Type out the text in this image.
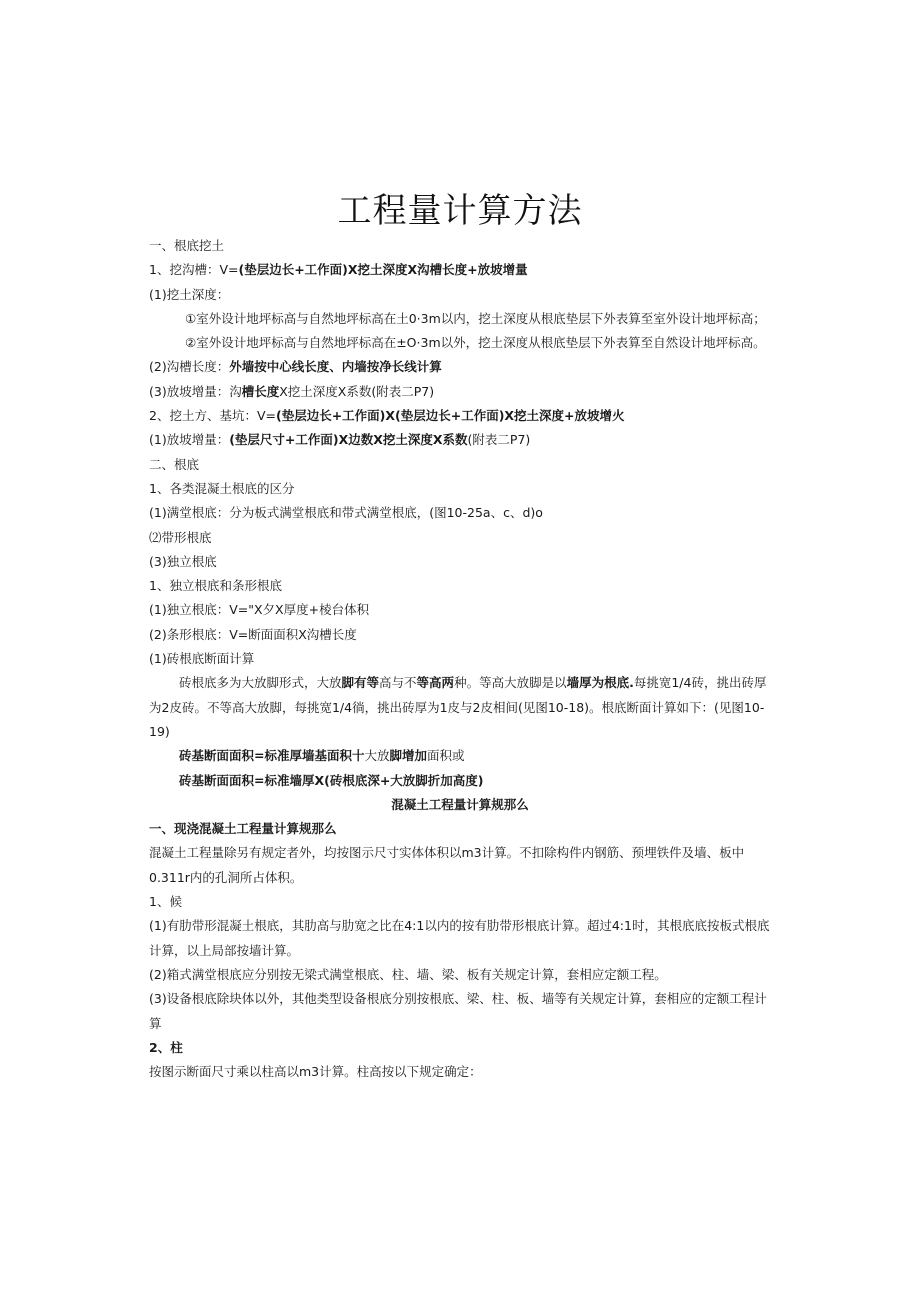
工程量计算方法

一、根底挖土

1、挖沟槽：V=(垫层边长+工作面)X挖土深度X沟槽长度+放坡增量

(1)挖土深度：

①室外设计地坪标高与自然地坪标高在土0·3m以内，挖土深度从根底垫层下外表算至室外设计地坪标高；

②室外设计地坪标高与自然地坪标高在±O·3m以外，挖土深度从根底垫层下外表算至自然设计地坪标高。

(2)沟槽长度：外墙按中心线长度、内墙按净长线计算

(3)放坡增量：沟槽长度X挖土深度X系数(附表二P7)

2、挖土方、基坑：V=(垫层边长+工作面)X(垫层边长+工作面)X挖土深度+放坡增火

(1)放坡增量：(垫层尺寸+工作面)X边数X挖土深度X系数(附表二P7)

二、根底

1、各类混凝土根底的区分

(1)满堂根底：分为板式满堂根底和带式满堂根底，(图10-25a、c、d)o

⑵带形根底

(3)独立根底

1、独立根底和条形根底

(1)独立根底：V="X夕X厚度+棱台体积

(2)条形根底：V=断面面积X沟槽长度

(1)砖根底断面计算

砖根底多为大放脚形式，大放脚有等高与不等高两种。等高大放脚是以墙厚为根底.每挑宽1/4砖，挑出砖厚为2皮砖。不等高大放脚，每挑宽1/4徜，挑出砖厚为1皮与2皮相间(见图10-18)。根底断面计算如下：(见图10-19)

砖基断面面积=标准厚墙基面积十大放脚增加面积或

砖基断面面积=标准墙厚X(砖根底深+大放脚折加高度)

混凝土工程量计算规那么

一、现浇混凝土工程量计算规那么

混凝土工程量除另有规定者外，均按图示尺寸实体体积以m3计算。不扣除构件内钢筋、预埋铁件及墙、板中0.311r内的孔洞所占体积。

1、候

(1)有肋带形混凝土根底，其肋高与肋宽之比在4:1以内的按有肋带形根底计算。超过4:1时，其根底底按板式根底计算，以上局部按墙计算。

(2)箱式满堂根底应分别按无梁式满堂根底、柱、墙、梁、板有关规定计算，套相应定额工程。

(3)设备根底除块体以外，其他类型设备根底分别按根底、梁、柱、板、墙等有关规定计算，套相应的定额工程计算

2、柱

按图示断面尺寸乘以柱高以m3计算。柱高按以下规定确定：
